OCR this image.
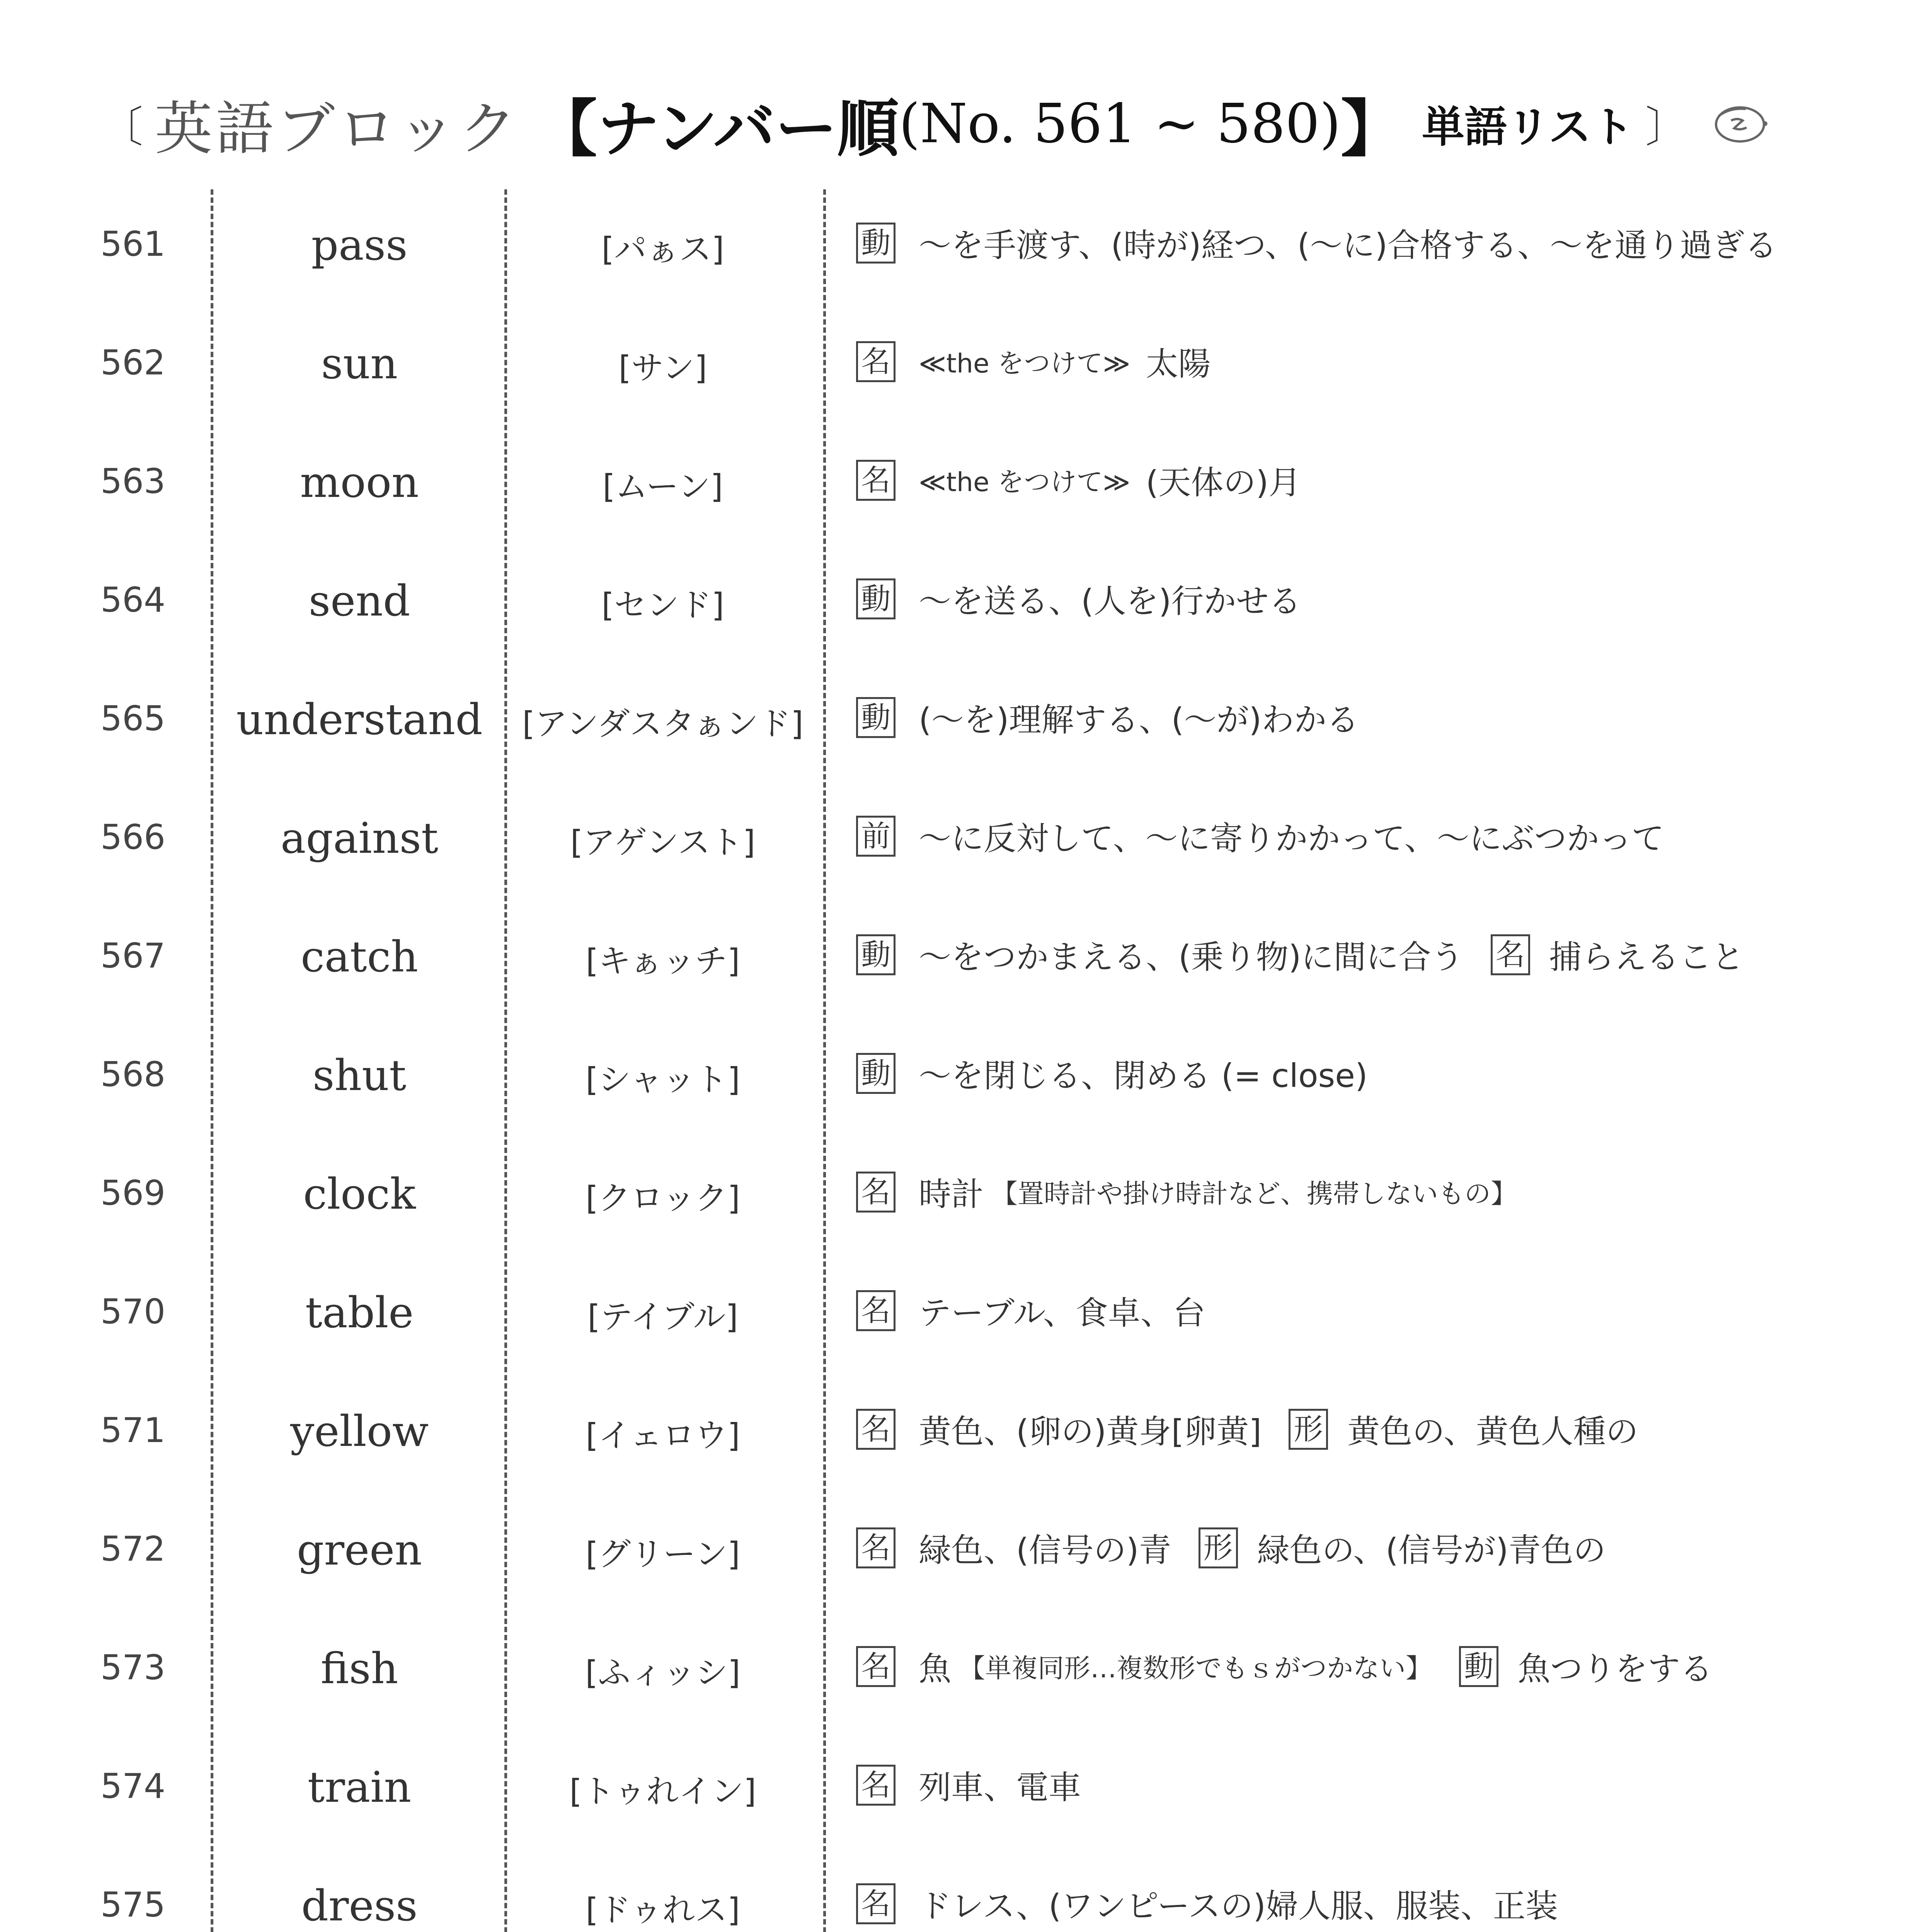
〔 英語ブロック 【ナンバー順 (No. 561 ~ 580) 】 単語リスト 〕
561	pass	[パぁス]	動 ～を手渡す、(時が)経つ、(～に)合格する、～を通り過ぎる
562	sun	[サン]	名 ≪the をつけて≫ 太陽
563	moon	[ムーン]	名 ≪the をつけて≫ (天体の)月
564	send	[センド]	動 ～を送る、(人を)行かせる
565	understand	[アンダスタぁンド]	動 (～を)理解する、(～が)わかる
566	against	[アゲンスト]	前 ～に反対して、～に寄りかかって、～にぶつかって
567	catch	[キぁッチ]	動 ～をつかまえる、(乗り物)に間に合う 名 捕らえること
568	shut	[シャット]	動 ～を閉じる、閉める (= close)
569	clock	[クロック]	名 時計 【置時計や掛け時計など、携帯しないもの】
570	table	[テイブル]	名 テーブル、食卓、台
571	yellow	[イェロウ]	名 黄色、(卵の)黄身[卵黄] 形 黄色の、黄色人種の
572	green	[グリーン]	名 緑色、(信号の)青 形 緑色の、(信号が)青色の
573	fish	[ふィッシ]	名 魚 【単複同形…複数形でもｓがつかない】 動 魚つりをする
574	train	[トゥれイン]	名 列車、電車
575	dress	[ドゥれス]	名 ドレス、(ワンピースの)婦人服、服装、正装
